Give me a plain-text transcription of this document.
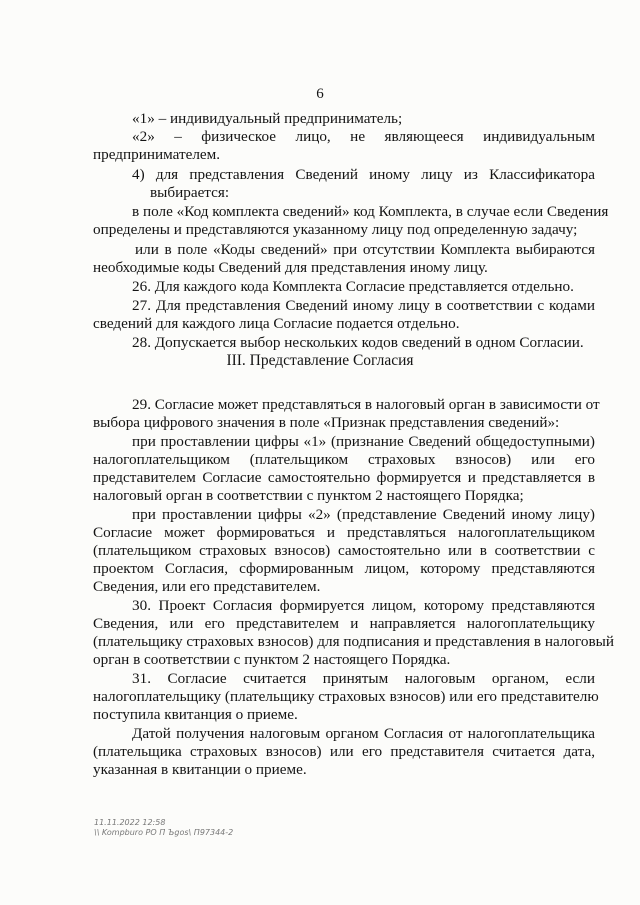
6
«1» – индивидуальный предприниматель;
«2» – физическое лицо, не являющееся индивидуальным
предпринимателем.
4) для представления Сведений иному лицу из Классификатора
выбирается:
в поле «Код комплекта сведений» код Комплекта, в случае если Сведения
определены и представляются указанному лицу под определенную задачу;
или в поле «Коды сведений» при отсутствии Комплекта выбираются
необходимые коды Сведений для представления иному лицу.
26. Для каждого кода Комплекта Согласие представляется отдельно.
27. Для представления Сведений иному лицу в соответствии с кодами
сведений для каждого лица Согласие подается отдельно.
28. Допускается выбор нескольких кодов сведений в одном Согласии.
III. Представление Согласия
29. Согласие может представляться в налоговый орган в зависимости от
выбора цифрового значения в поле «Признак представления сведений»:
при проставлении цифры «1» (признание Сведений общедоступными)
налогоплательщиком (плательщиком страховых взносов) или его
представителем Согласие самостоятельно формируется и представляется в
налоговый орган в соответствии с пунктом 2 настоящего Порядка;
при проставлении цифры «2» (представление Сведений иному лицу)
Согласие может формироваться и представляться налогоплательщиком
(плательщиком страховых взносов) самостоятельно или в соответствии с
проектом Согласия, сформированным лицом, которому представляются
Сведения, или его представителем.
30. Проект Согласия формируется лицом, которому представляются
Сведения, или его представителем и направляется налогоплательщику
(плательщику страховых взносов) для подписания и представления в налоговый
орган в соответствии с пунктом 2 настоящего Порядка.
31. Согласие считается принятым налоговым органом, если
налогоплательщику (плательщику страховых взносов) или его представителю
поступила квитанция о приеме.
Датой получения налоговым органом Согласия от налогоплательщика
(плательщика страховых взносов) или его представителя считается дата,
указанная в квитанции о приеме.
11.11.2022 12:58
\\ Kompburo PO П Ъgos\ П97344-2
